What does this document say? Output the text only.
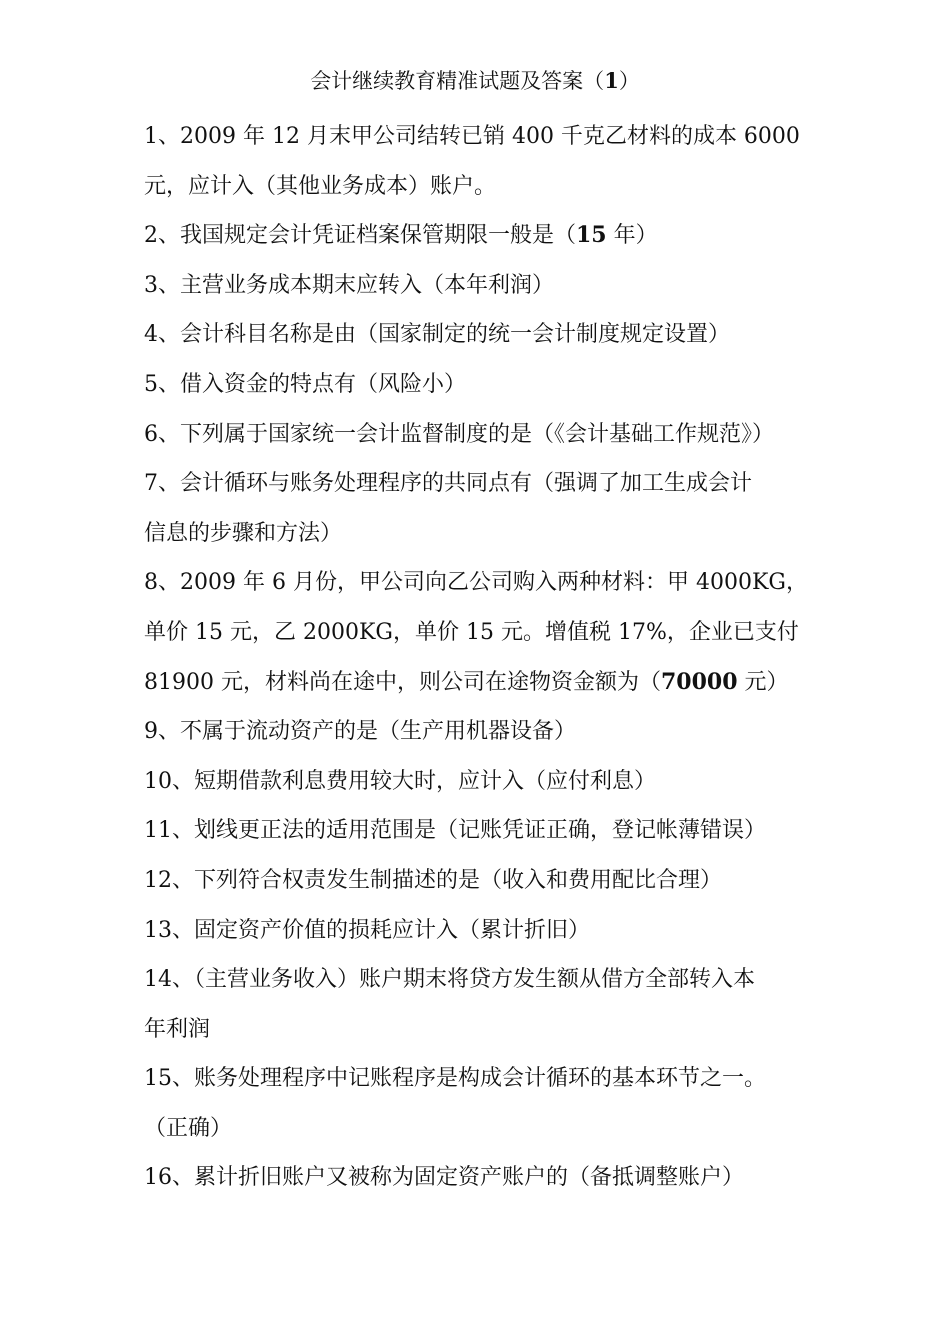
会计继续教育精准试题及答案（1）
1、2009 年 12 月末甲公司结转已销 400 千克乙材料的成本 6000
元，应计入（其他业务成本）账户。
2、我国规定会计凭证档案保管期限一般是（15 年）
3、主营业务成本期末应转入（本年利润）
4、会计科目名称是由（国家制定的统一会计制度规定设置）
5、借入资金的特点有（风险小）
6、下列属于国家统一会计监督制度的是（《会计基础工作规范》）
7、会计循环与账务处理程序的共同点有（强调了加工生成会计
信息的步骤和方法）
8、2009 年 6 月份，甲公司向乙公司购入两种材料：甲 4000KG，
单价 15 元，乙 2000KG，单价 15 元。增值税 17%，企业已支付
81900 元，材料尚在途中，则公司在途物资金额为（70000 元）
9、不属于流动资产的是（生产用机器设备）
10、短期借款利息费用较大时，应计入（应付利息）
11、划线更正法的适用范围是（记账凭证正确，登记帐薄错误）
12、下列符合权责发生制描述的是（收入和费用配比合理）
13、固定资产价值的损耗应计入（累计折旧）
14、（主营业务收入）账户期末将贷方发生额从借方全部转入本
年利润
15、账务处理程序中记账程序是构成会计循环的基本环节之一。
（正确）
16、累计折旧账户又被称为固定资产账户的（备抵调整账户）
